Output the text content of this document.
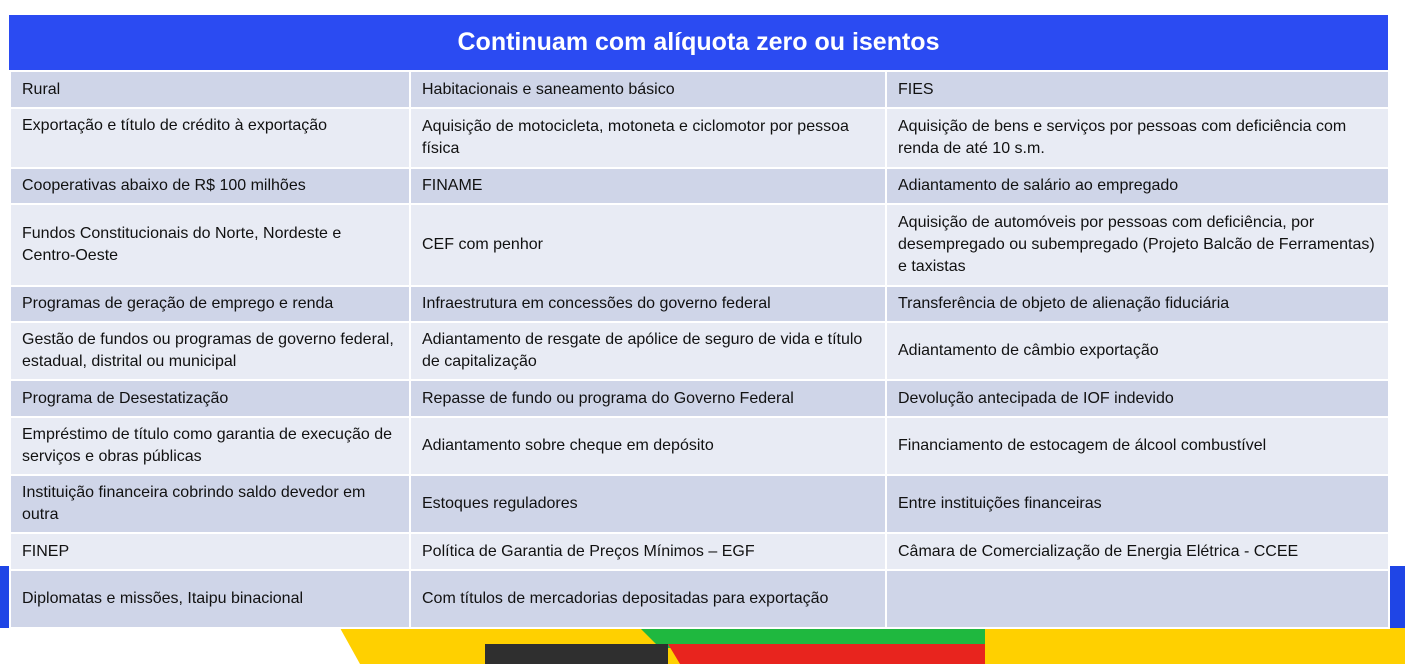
Continuam com alíquota zero ou isentos
Rural	Habitacionais e saneamento básico	FIES
Exportação e título de crédito à exportação	Aquisição de motocicleta, motoneta e ciclomotor por pessoa física	Aquisição de bens e serviços por pessoas com deficiência com renda de até 10 s.m.
Cooperativas abaixo de R$ 100 milhões	FINAME	Adiantamento de salário ao empregado
Fundos Constitucionais do Norte, Nordeste e Centro-Oeste	CEF com penhor	Aquisição de automóveis por pessoas com deficiência, por desempregado ou subempregado (Projeto Balcão de Ferramentas) e taxistas
Programas de geração de emprego e renda	Infraestrutura em concessões do governo federal	Transferência de objeto de alienação fiduciária
Gestão de fundos ou programas de governo federal, estadual, distrital ou municipal	Adiantamento de resgate de apólice de seguro de vida e título de capitalização	Adiantamento de câmbio exportação
Programa de Desestatização	Repasse de fundo ou programa do Governo Federal	Devolução antecipada de IOF indevido
Empréstimo de título como garantia de execução de serviços e obras públicas	Adiantamento sobre cheque em depósito	Financiamento de estocagem de álcool combustível
Instituição financeira cobrindo saldo devedor em outra	Estoques reguladores	Entre instituições financeiras
FINEP	Política de Garantia de Preços Mínimos – EGF	Câmara de Comercialização de Energia Elétrica - CCEE
Diplomatas e missões, Itaipu binacional	Com títulos de mercadorias depositadas para exportação	
